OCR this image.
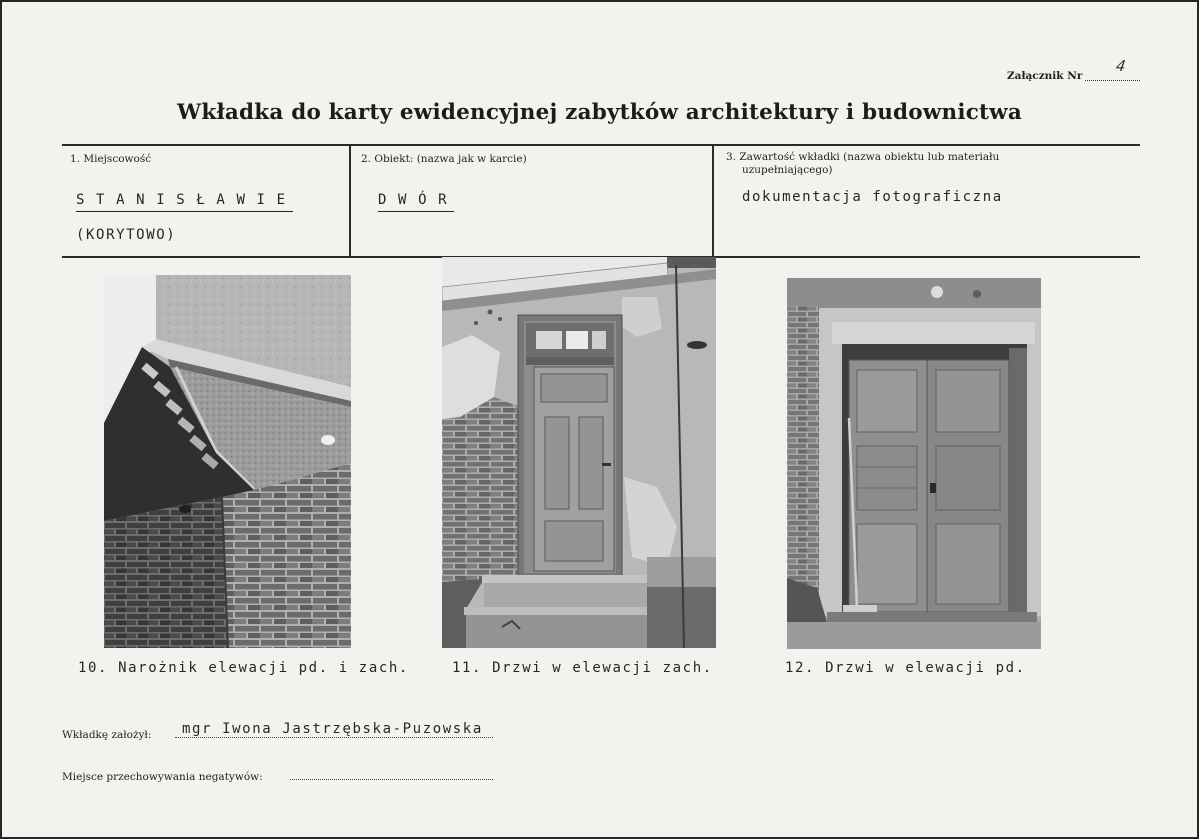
Załącznik Nr
4
Wkładka do karty ewidencyjnej zabytków architektury i budownictwa
1. Miejscowość
S T A N I S Ł A W I E
(KORYTOWO)
2. Obiekt: (nazwa jak w karcie)
D W Ó R
3. Zawartość wkładki (nazwa obiektu lub materiału
uzupełniającego)
dokumentacja fotograficzna
10. Narożnik elewacji pd. i zach.	11. Drzwi w elewacji zach.	12. Drzwi w elewacji pd.
Wkładkę założył: mgr Iwona Jastrzębska-Puzowska
Miejsce przechowywania negatywów:
